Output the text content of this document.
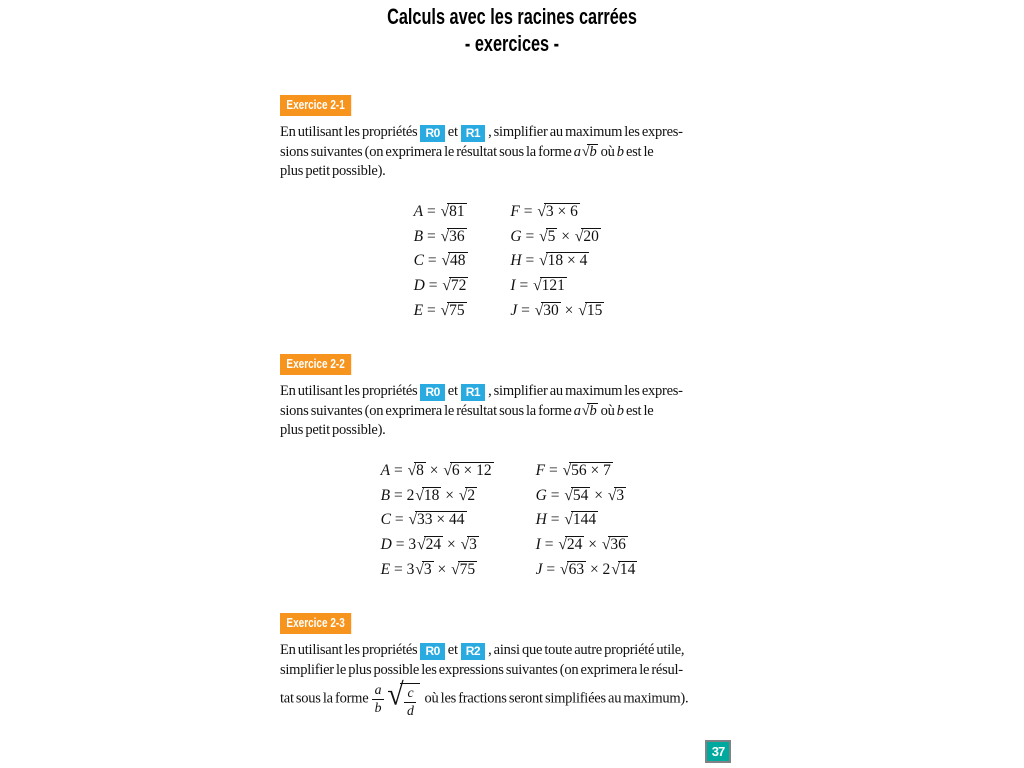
Calculs avec les racines carrées
- exercices -
Exercice 2-1

En utilisant les propriétés R0 et R1 , simplifier au maximum les expres-
sions suivantes (on exprimera le résultat sous la forme a√b où b est le
plus petit possible).

A = √81
B = √36
C = √48
D = √72
E = √75
F = √3 × 6
G = √5 × √20
H = √18 × 4
I = √121
J = √30 × √15
Exercice 2-2

En utilisant les propriétés R0 et R1 , simplifier au maximum les expres-
sions suivantes (on exprimera le résultat sous la forme a√b où b est le
plus petit possible).

A = √8 × √6 × 12
B = 2√18 × √2
C = √33 × 44
D = 3√24 × √3
E = 3√3 × √75
F = √56 × 7
G = √54 × √3
H = √144
I = √24 × √36
J = √63 × 2√14
Exercice 2-3

En utilisant les propriétés R0 et R2 , ainsi que toute autre propriété utile,
simplifier le plus possible les expressions suivantes (on exprimera le résul-
tat sous la forme $\frac{a}{b}$ √ $\frac{c}{d}$ où les fractions seront simplifiées au maximum).

37
